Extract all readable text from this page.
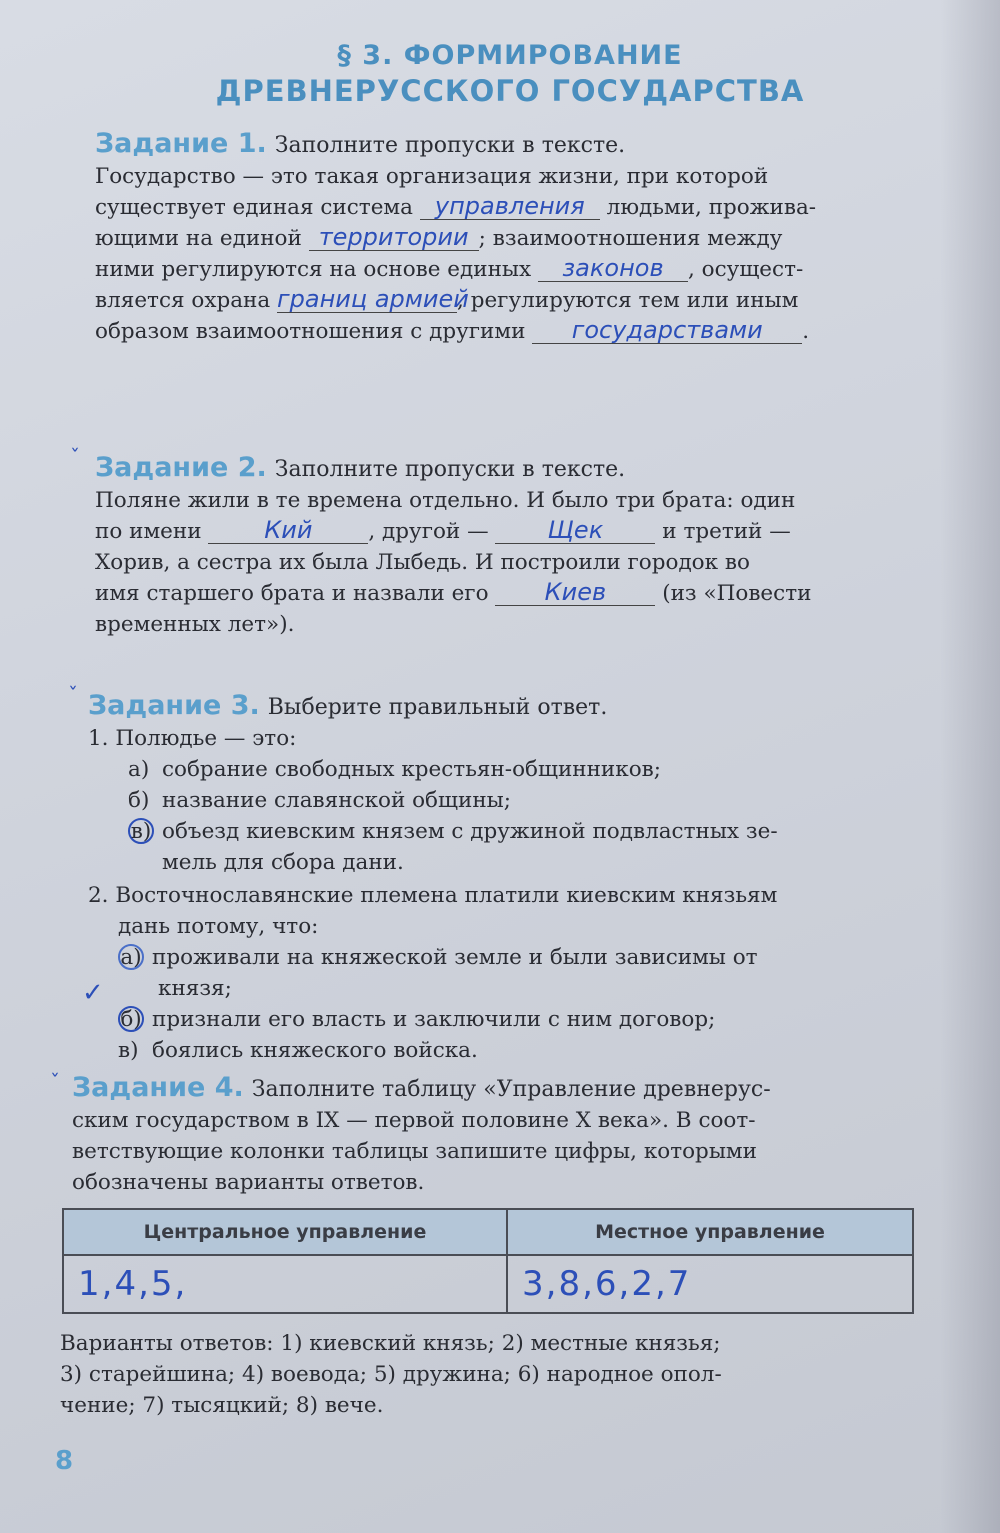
§ 3. ФОРМИРОВАНИЕ
ДРЕВНЕРУССКОГО ГОСУДАРСТВА
Задание 1. Заполните пропуски в тексте.
Государство — это такая организация жизни, при которой
существует единая система управления людьми, прожива-
ющими на единой территории ; взаимоотношения между
ними регулируются на основе единых законов , осущест-
вляется охрана границ армией, регулируются тем или иным
образом взаимоотношения с другими государствами .
ˇ Задание 2. Заполните пропуски в тексте.
Поляне жили в те времена отдельно. И было три брата: один
по имени	Кий	, другой — Щек	и третий —
Хорив, а сестра их была Лыбедь. И построили городок во
имя старшего брата и назвали его Киев	(из «Повести
временных лет»).
ˇ Задание 3. Выберите правильный ответ.
1. Полюдье — это:
а) собрание свободных крестьян-общинников;
б) название славянской общины;
в) объезд киевским князем с дружиной подвластных зе-
мель для сбора дани.
2. Восточнославянские племена платили киевским князьям
дань потому, что:
а) проживали на княжеской земле и были зависимы от
князя;
б) признали его власть и заключили с ним договор;
в) боялись княжеского войска.
✓
ˇ Задание 4. Заполните таблицу «Управление древнерус-
ским государством в IX — первой половине X века». В соот-
ветствующие колонки таблицы запишите цифры, которыми
обозначены варианты ответов.
Центральное управление	Местное управление
1,4,5,	3,8,6,2,7
Варианты ответов: 1) киевский князь; 2) местные князья;
3) старейшина; 4) воевода; 5) дружина; 6) народное опол-
чение; 7) тысяцкий; 8) вече.
8
